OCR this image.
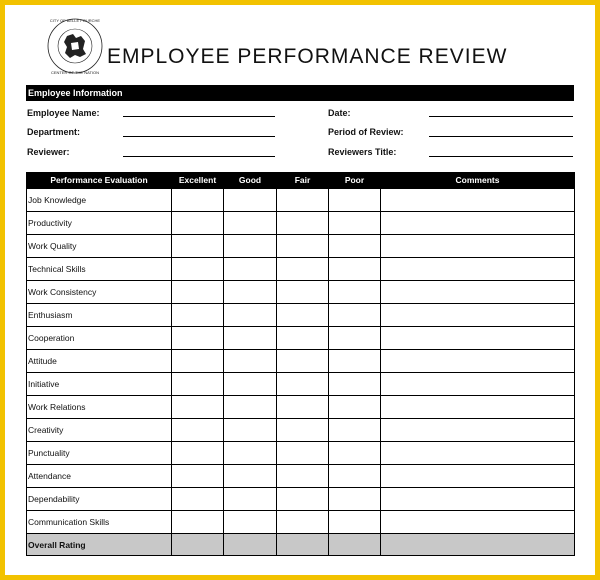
CITY OF BELLE FOURCHE
CENTER OF THE NATION
EMPLOYEE PERFORMANCE REVIEW
Employee Information
Employee Name:
Department:
Reviewer:
Date:
Period of Review:
Reviewers Title:
Performance Evaluation	Excellent	Good	Fair	Poor	Comments
Job Knowledge					
Productivity					
Work Quality					
Technical Skills					
Work Consistency					
Enthusiasm					
Cooperation					
Attitude					
Initiative					
Work Relations					
Creativity					
Punctuality					
Attendance					
Dependability					
Communication Skills					
Overall Rating					
